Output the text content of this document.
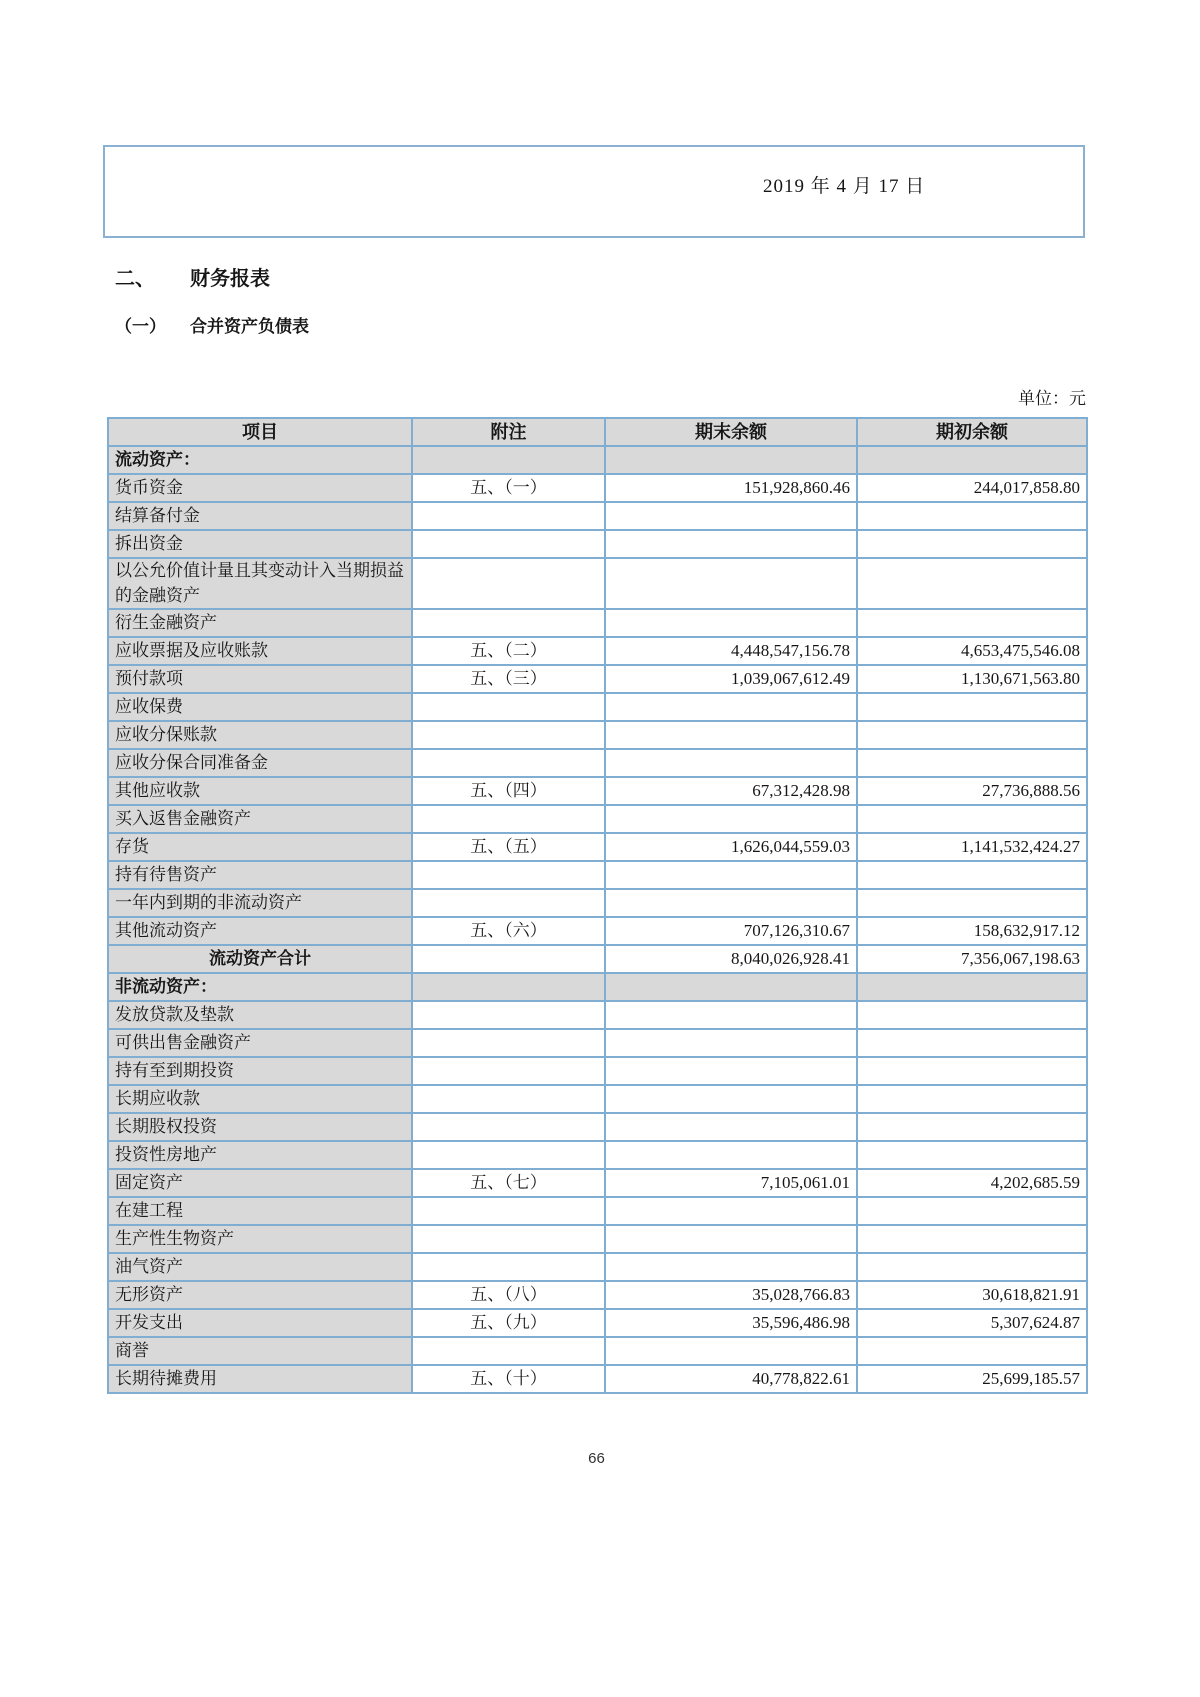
2019 年 4 月 17 日
二、	财务报表
（一）	合并资产负债表
单位：元
项目	附注	期末余额	期初余额
流动资产：			
货币资金	五、（一）	151,928,860.46	244,017,858.80
结算备付金			
拆出资金			
以公允价值计量且其变动计入当期损益的金融资产			
衍生金融资产			
应收票据及应收账款	五、（二）	4,448,547,156.78	4,653,475,546.08
预付款项	五、（三）	1,039,067,612.49	1,130,671,563.80
应收保费			
应收分保账款			
应收分保合同准备金			
其他应收款	五、（四）	67,312,428.98	27,736,888.56
买入返售金融资产			
存货	五、（五）	1,626,044,559.03	1,141,532,424.27
持有待售资产			
一年内到期的非流动资产			
其他流动资产	五、（六）	707,126,310.67	158,632,917.12
流动资产合计		8,040,026,928.41	7,356,067,198.63
非流动资产：			
发放贷款及垫款			
可供出售金融资产			
持有至到期投资			
长期应收款			
长期股权投资			
投资性房地产			
固定资产	五、（七）	7,105,061.01	4,202,685.59
在建工程			
生产性生物资产			
油气资产			
无形资产	五、（八）	35,028,766.83	30,618,821.91
开发支出	五、（九）	35,596,486.98	5,307,624.87
商誉			
长期待摊费用	五、（十）	40,778,822.61	25,699,185.57
66
